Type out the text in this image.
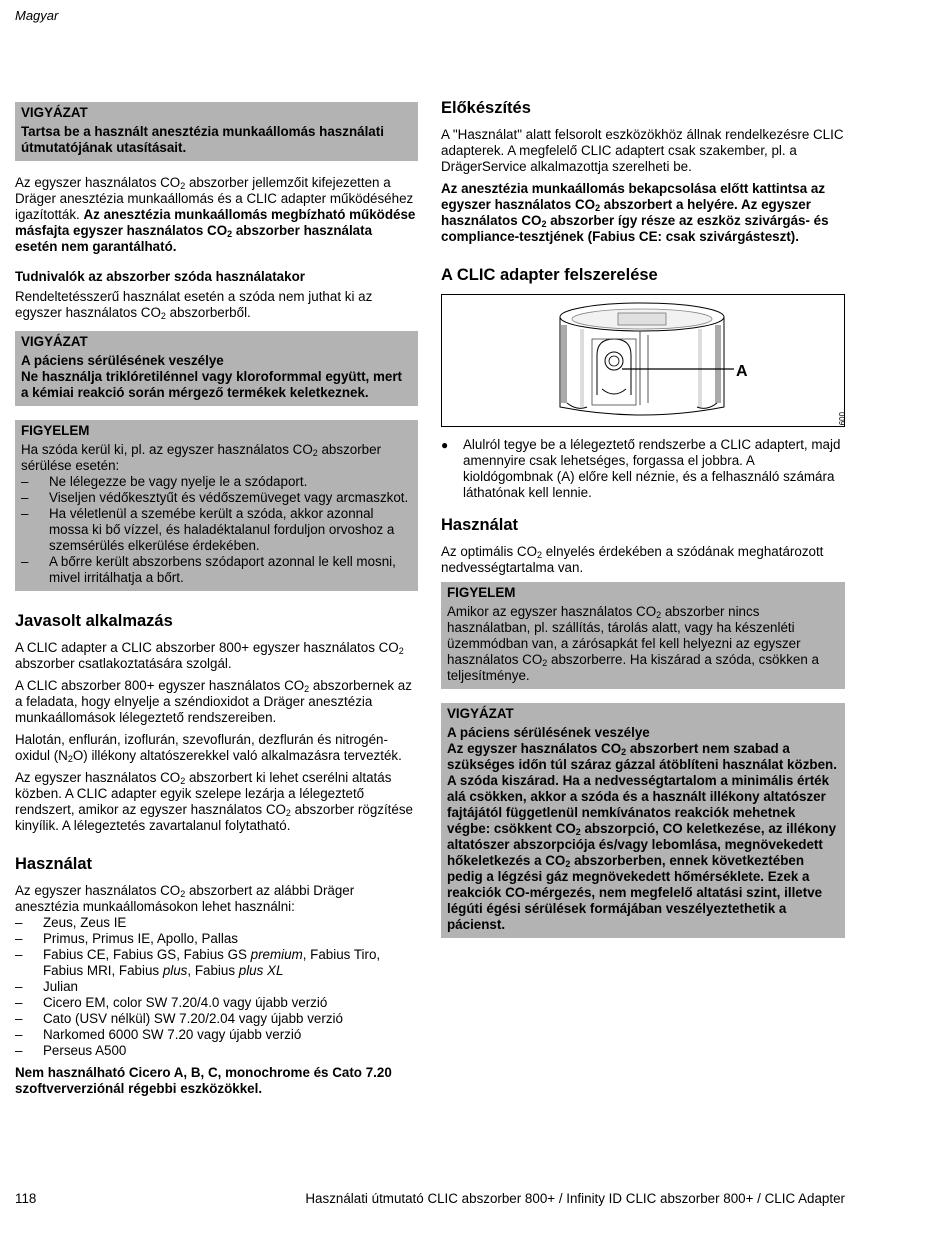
Magyar
VIGYÁZAT
Tartsa be a használt anesztézia munkaállomás használati útmutatójának utasításait.

Az egyszer használatos $CO_2$ abszorber jellemzőit kifejezetten a Dräger anesztézia munkaállomás és a CLIC adapter működéséhez igazították. Az anesztézia munkaállomás megbízható működése másfajta egyszer használatos $CO_2$ abszorber használata esetén nem garantálható.

Tudnivalók az abszorber szóda használatakor

Rendeltetésszerű használat esetén a szóda nem juthat ki az egyszer használatos $CO_2$ abszorberből.

VIGYÁZAT
A páciens sérülésének veszélye
Ne használja triklóretilénnel vagy kloroformmal együtt, mert a kémiai reakció során mérgező termékek keletkeznek.
FIGYELEM
Ha szóda kerül ki, pl. az egyszer használatos $CO_2$ abszorber sérülése esetén:
– Ne lélegezze be vagy nyelje le a szódaport.
– Viseljen védőkesztyűt és védőszemüveget vagy arcmaszkot.
– Ha véletlenül a szemébe került a szóda, akkor azonnal mossa ki bő vízzel, és haladéktalanul forduljon orvoshoz a szemsérülés elkerülése érdekében.
– A bőrre került abszorbens szódaport azonnal le kell mosni, mivel irritálhatja a bőrt.
Javasolt alkalmazás

A CLIC adapter a CLIC abszorber 800+ egyszer használatos $CO_2$ abszorber csatlakoztatására szolgál.

A CLIC abszorber 800+ egyszer használatos $CO_2$ abszorbernek az a feladata, hogy elnyelje a széndioxidot a Dräger anesztézia munkaállomások lélegeztető rendszereiben.

Halotán, enflurán, izoflurán, szevoflurán, dezflurán és nitrogén-oxidul $(N_2O)$ illékony altatószerekkel való alkalmazásra tervezték.

Az egyszer használatos $CO_2$ abszorbert ki lehet cserélni altatás közben. A CLIC adapter egyik szelepe lezárja a lélegeztető rendszert, amikor az egyszer használatos $CO_2$ abszorber rögzítése kinyílik. A lélegeztetés zavartalanul folytatható.

Használat

Az egyszer használatos $CO_2$ abszorbert az alábbi Dräger anesztézia munkaállomásokon lehet használni:

– Zeus, Zeus IE
– Primus, Primus IE, Apollo, Pallas
– Fabius CE, Fabius GS, Fabius GS premium, Fabius Tiro, Fabius MRI, Fabius plus, Fabius plus XL
– Julian
– Cicero EM, color SW 7.20/4.0 vagy újabb verzió
– Cato (USV nélkül) SW 7.20/2.04 vagy újabb verzió
– Narkomed 6000 SW 7.20 vagy újabb verzió
– Perseus A500

Nem használható Cicero A, B, C, monochrome és Cato 7.20 szoftververziónál régebbi eszközökkel.

Előkészítés

A "Használat" alatt felsorolt eszközökhöz állnak rendelkezésre CLIC adapterek. A megfelelő CLIC adaptert csak szakember, pl. a DrägerService alkalmazottja szerelheti be.

Az anesztézia munkaállomás bekapcsolása előtt kattintsa az egyszer használatos $CO_2$ abszorbert a helyére. Az egyszer használatos $CO_2$ abszorber így része az eszköz szivárgás- és compliance-tesztjének (Fabius CE: csak szivárgásteszt).

A CLIC adapter felszerelése
A
● Alulról tegye be a lélegeztető rendszerbe a CLIC adaptert, majd amennyire csak lehetséges, forgassa el jobbra. A kioldógombnak (A) előre kell néznie, és a felhasználó számára láthatónak kell lennie.
Használat

Az optimális $CO_2$ elnyelés érdekében a szódának meghatározott nedvességtartalma van.

FIGYELEM
Amikor az egyszer használatos $CO_2$ abszorber nincs használatban, pl. szállítás, tárolás alatt, vagy ha készenléti üzemmódban van, a zárósapkát fel kell helyezni az egyszer használatos $CO_2$ abszorberre. Ha kiszárad a szóda, csökken a teljesítménye.
VIGYÁZAT
A páciens sérülésének veszélye
Az egyszer használatos $CO_2$ abszorbert nem szabad a szükséges időn túl száraz gázzal átöblíteni használat közben.
A szóda kiszárad. Ha a nedvességtartalom a minimális érték alá csökken, akkor a szóda és a használt illékony altatószer fajtájától függetlenül nemkívánatos reakciók mehetnek végbe: csökkent $CO_2$ abszorpció, CO keletkezése, az illékony altatószer abszorpciója és/vagy lebomlása, megnövekedett hőkeletkezés a $CO_2$ abszorberben, ennek következtében pedig a légzési gáz megnövekedett hőmérséklete. Ezek a reakciók CO-mérgezés, nem megfelelő altatási szint, illetve légúti égési sérülések formájában veszélyeztethetik a pácienst.
009
118	Használati útmutató CLIC abszorber 800+ / Infinity ID CLIC abszorber 800+ / CLIC Adapter
